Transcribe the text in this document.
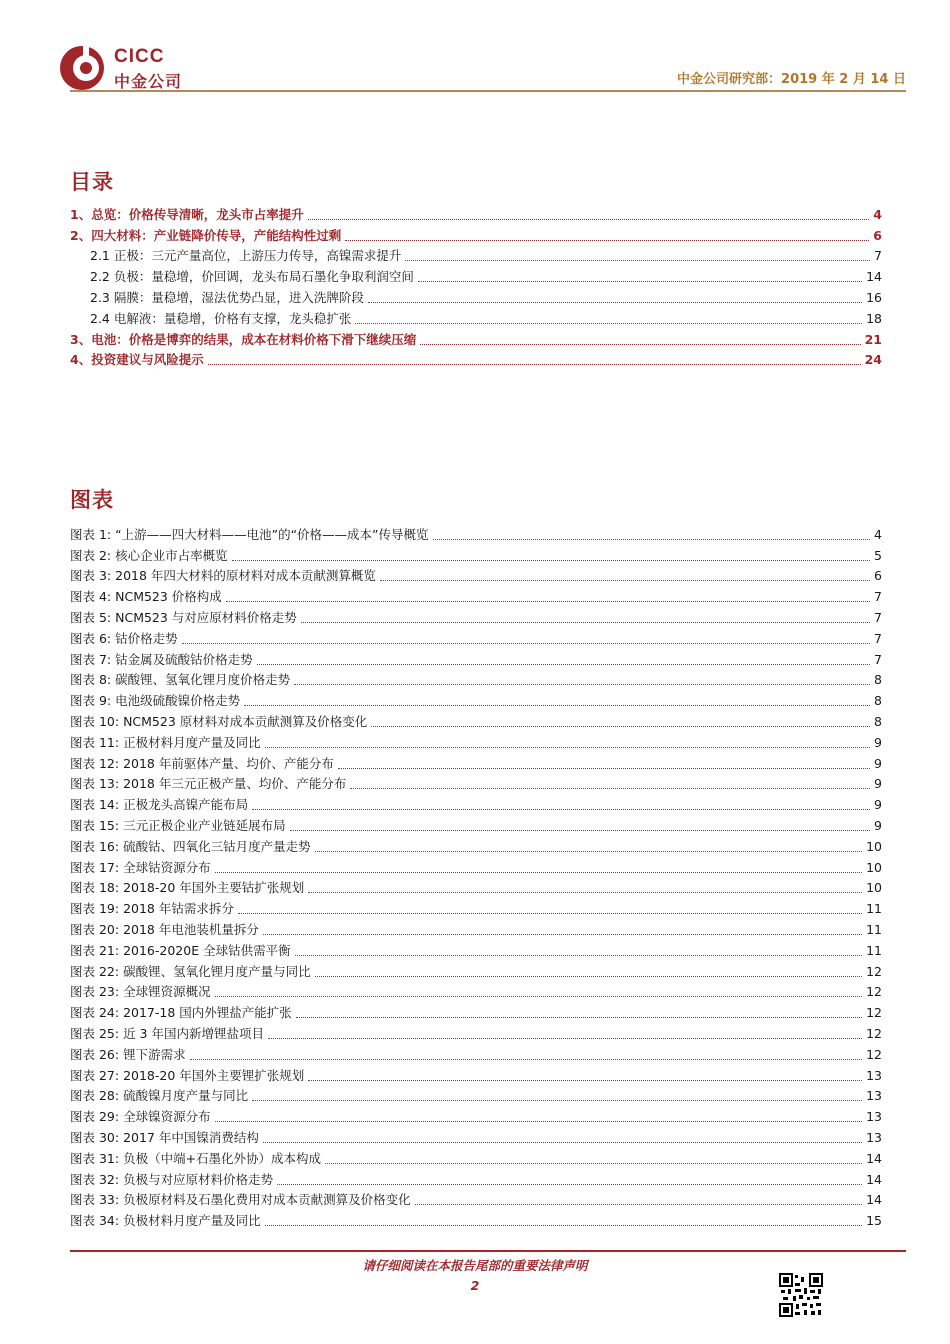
CICC
中金公司	中金公司研究部：2019 年 2 月 14 日
目录
1、总览：价格传导清晰，龙头市占率提升	4
2、四大材料：产业链降价传导，产能结构性过剩	6
2.1 正极：三元产量高位，上游压力传导，高镍需求提升	7
2.2 负极：量稳增，价回调，龙头布局石墨化争取利润空间	14
2.3 隔膜：量稳增，湿法优势凸显，进入洗牌阶段	16
2.4 电解液：量稳增，价格有支撑，龙头稳扩张	18
3、电池：价格是博弈的结果，成本在材料价格下滑下继续压缩	21
4、投资建议与风险提示	24
图表
图表 1: “上游——四大材料——电池”的“价格——成本”传导概览	4
图表 2: 核心企业市占率概览	5
图表 3: 2018 年四大材料的原材料对成本贡献测算概览	6
图表 4: NCM523 价格构成	7
图表 5: NCM523 与对应原材料价格走势	7
图表 6: 钴价格走势	7
图表 7: 钴金属及硫酸钴价格走势	7
图表 8: 碳酸锂、氢氧化锂月度价格走势	8
图表 9: 电池级硫酸镍价格走势	8
图表 10: NCM523 原材料对成本贡献测算及价格变化	8
图表 11: 正极材料月度产量及同比	9
图表 12: 2018 年前驱体产量、均价、产能分布	9
图表 13: 2018 年三元正极产量、均价、产能分布	9
图表 14: 正极龙头高镍产能布局	9
图表 15: 三元正极企业产业链延展布局	9
图表 16: 硫酸钴、四氧化三钴月度产量走势	10
图表 17: 全球钴资源分布	10
图表 18: 2018-20 年国外主要钴扩张规划	10
图表 19: 2018 年钴需求拆分	11
图表 20: 2018 年电池装机量拆分	11
图表 21: 2016-2020E 全球钴供需平衡	11
图表 22: 碳酸锂、氢氧化锂月度产量与同比	12
图表 23: 全球锂资源概况	12
图表 24: 2017-18 国内外锂盐产能扩张	12
图表 25: 近 3 年国内新增锂盐项目	12
图表 26: 锂下游需求	12
图表 27: 2018-20 年国外主要锂扩张规划	13
图表 28: 硫酸镍月度产量与同比	13
图表 29: 全球镍资源分布	13
图表 30: 2017 年中国镍消费结构	13
图表 31: 负极（中端+石墨化外协）成本构成	14
图表 32: 负极与对应原材料价格走势	14
图表 33: 负极原材料及石墨化费用对成本贡献测算及价格变化	14
图表 34: 负极材料月度产量及同比	15
请仔细阅读在本报告尾部的重要法律声明
2
